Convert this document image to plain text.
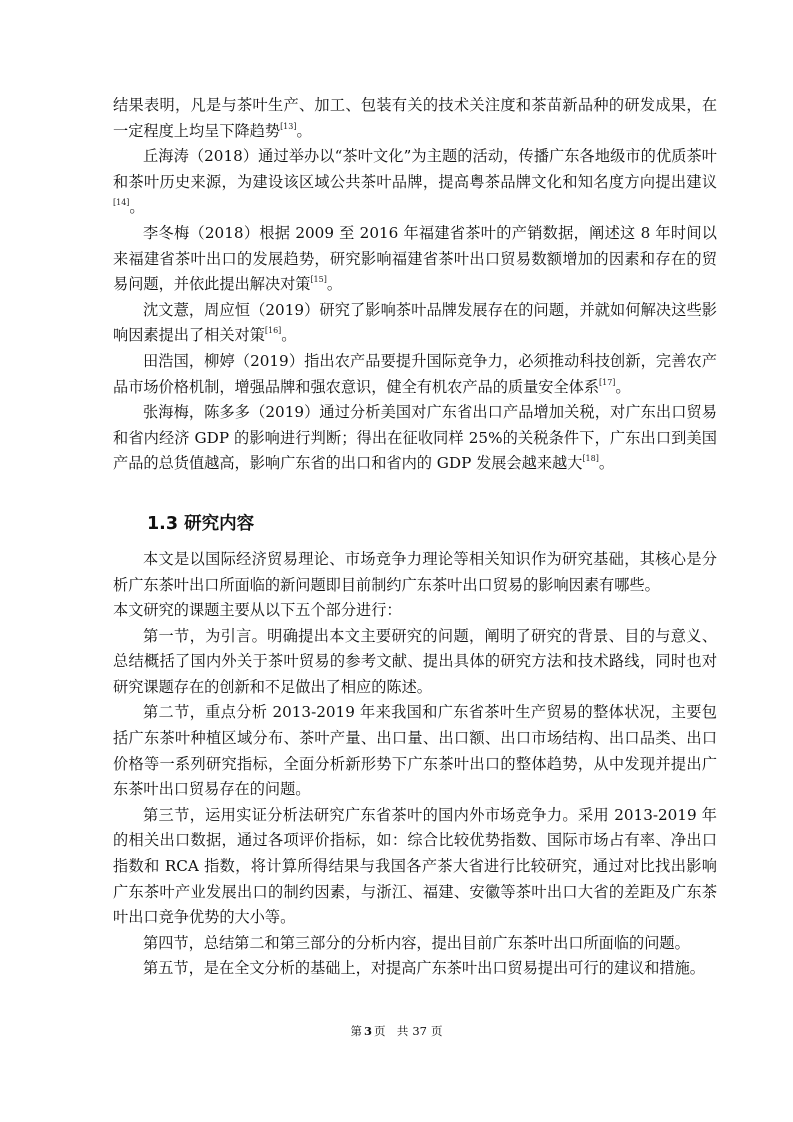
结果表明，凡是与茶叶生产、加工、包装有关的技术关注度和茶苗新品种的研发成果，在一定程度上均呈下降趋势[13]。

丘海涛（2018）通过举办以“茶叶文化”为主题的活动，传播广东各地级市的优质茶叶和茶叶历史来源，为建设该区域公共茶叶品牌，提高粤茶品牌文化和知名度方向提出建议[14]。

李冬梅（2018）根据 2009 至 2016 年福建省茶叶的产销数据，阐述这 8 年时间以来福建省茶叶出口的发展趋势，研究影响福建省茶叶出口贸易数额增加的因素和存在的贸易问题，并依此提出解决对策[15]。

沈文薏，周应恒（2019）研究了影响茶叶品牌发展存在的问题，并就如何解决这些影响因素提出了相关对策[16]。

田浩国，柳婷（2019）指出农产品要提升国际竞争力，必须推动科技创新，完善农产品市场价格机制，增强品牌和强农意识，健全有机农产品的质量安全体系[17]。

张海梅，陈多多（2019）通过分析美国对广东省出口产品增加关税，对广东出口贸易和省内经济 GDP 的影响进行判断；得出在征收同样 25%的关税条件下，广东出口到美国产品的总货值越高，影响广东省的出口和省内的 GDP 发展会越来越大[18]。

1.3 研究内容

本文是以国际经济贸易理论、市场竞争力理论等相关知识作为研究基础，其核心是分析广东茶叶出口所面临的新问题即目前制约广东茶叶出口贸易的影响因素有哪些。

本文研究的课题主要从以下五个部分进行：

第一节，为引言。明确提出本文主要研究的问题，阐明了研究的背景、目的与意义、总结概括了国内外关于茶叶贸易的参考文献、提出具体的研究方法和技术路线，同时也对研究课题存在的创新和不足做出了相应的陈述。

第二节，重点分析 2013-2019 年来我国和广东省茶叶生产贸易的整体状况，主要包括广东茶叶种植区域分布、茶叶产量、出口量、出口额、出口市场结构、出口品类、出口价格等一系列研究指标，全面分析新形势下广东茶叶出口的整体趋势，从中发现并提出广东茶叶出口贸易存在的问题。

第三节，运用实证分析法研究广东省茶叶的国内外市场竞争力。采用 2013-2019 年的相关出口数据，通过各项评价指标，如：综合比较优势指数、国际市场占有率、净出口指数和 RCA 指数，将计算所得结果与我国各产茶大省进行比较研究，通过对比找出影响广东茶叶产业发展出口的制约因素，与浙江、福建、安徽等茶叶出口大省的差距及广东茶叶出口竞争优势的大小等。

第四节，总结第二和第三部分的分析内容，提出目前广东茶叶出口所面临的问题。

第五节，是在全文分析的基础上，对提高广东茶叶出口贸易提出可行的建议和措施。

第 3 页 共 37 页
